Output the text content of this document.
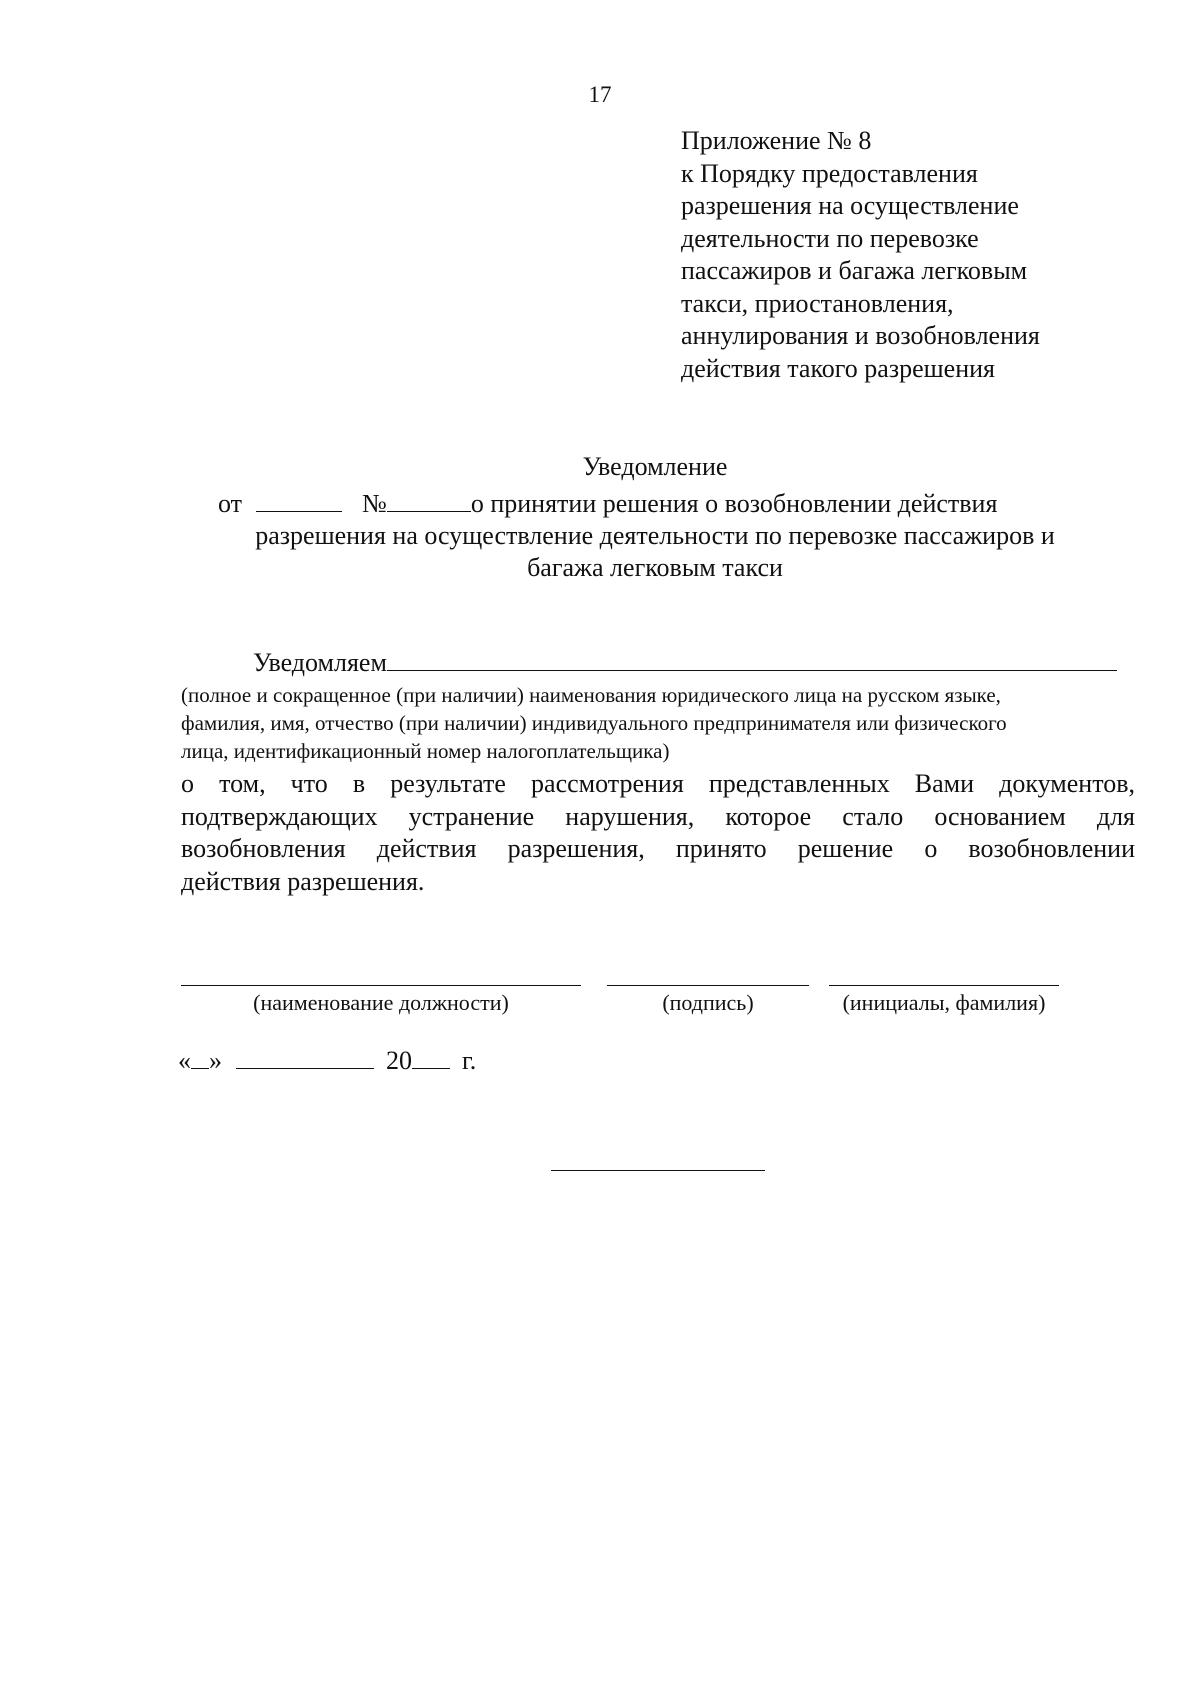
17
Приложение № 8
к Порядку предоставления
разрешения на осуществление
деятельности по перевозке
пассажиров и багажа легковым
такси, приостановления,
аннулирования и возобновления
действия такого разрешения
Уведомление
от	№	о принятии решения о возобновлении действия
разрешения на осуществление деятельности по перевозке пассажиров и
багажа легковым такси
Уведомляем
(полное и сокращенное (при наличии) наименования юридического лица на русском языке,
фамилия, имя, отчество (при наличии) индивидуального предпринимателя или физического
лица, идентификационный номер налогоплательщика)
о том, что в результате рассмотрения представленных Вами документов,
подтверждающих устранение нарушения, которое стало основанием для
возобновления действия разрешения, принято решение о возобновлении
действия разрешения.
(наименование должности)	(подпись)	(инициалы, фамилия)
« »	20 г.
